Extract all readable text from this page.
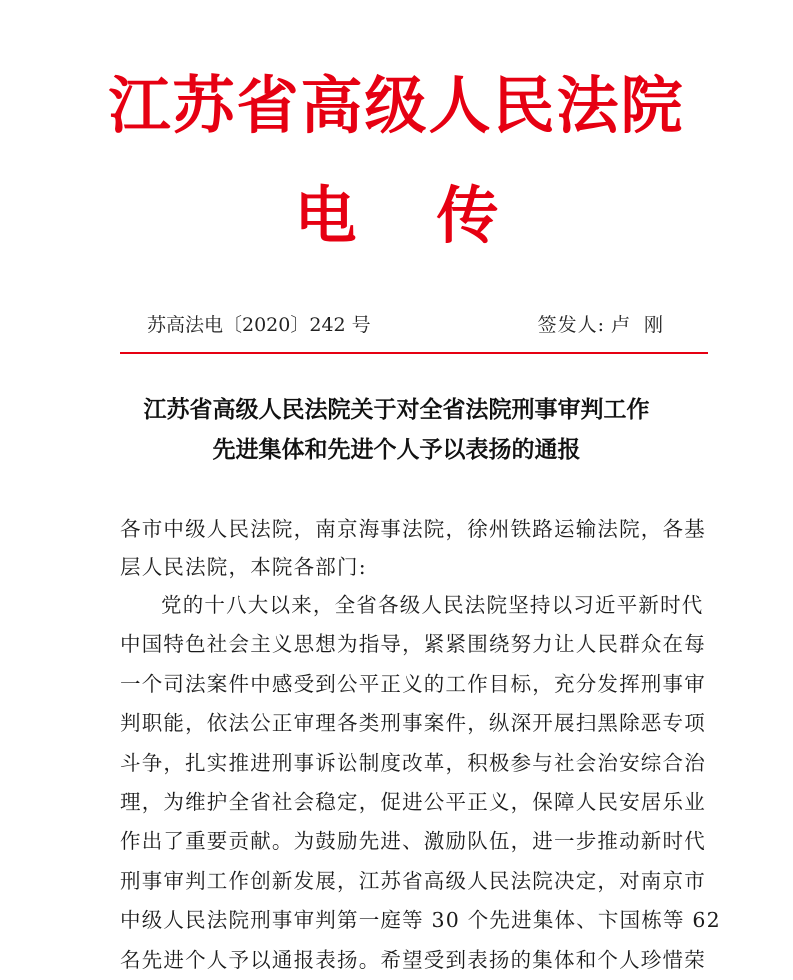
江苏省高级人民法院
电传
苏高法电〔2020〕242 号	签发人: 卢刚
江苏省高级人民法院关于对全省法院刑事审判工作
先进集体和先进个人予以表扬的通报
各市中级人民法院，南京海事法院，徐州铁路运输法院，各基
层人民法院，本院各部门:
党的十八大以来，全省各级人民法院坚持以习近平新时代
中国特色社会主义思想为指导，紧紧围绕努力让人民群众在每
一个司法案件中感受到公平正义的工作目标，充分发挥刑事审
判职能，依法公正审理各类刑事案件，纵深开展扫黑除恶专项
斗争，扎实推进刑事诉讼制度改革，积极参与社会治安综合治
理，为维护全省社会稳定，促进公平正义，保障人民安居乐业
作出了重要贡献。为鼓励先进、激励队伍，进一步推动新时代
刑事审判工作创新发展，江苏省高级人民法院决定，对南京市
中级人民法院刑事审判第一庭等 30 个先进集体、卞国栋等 62
名先进个人予以通报表扬。希望受到表扬的集体和个人珍惜荣
